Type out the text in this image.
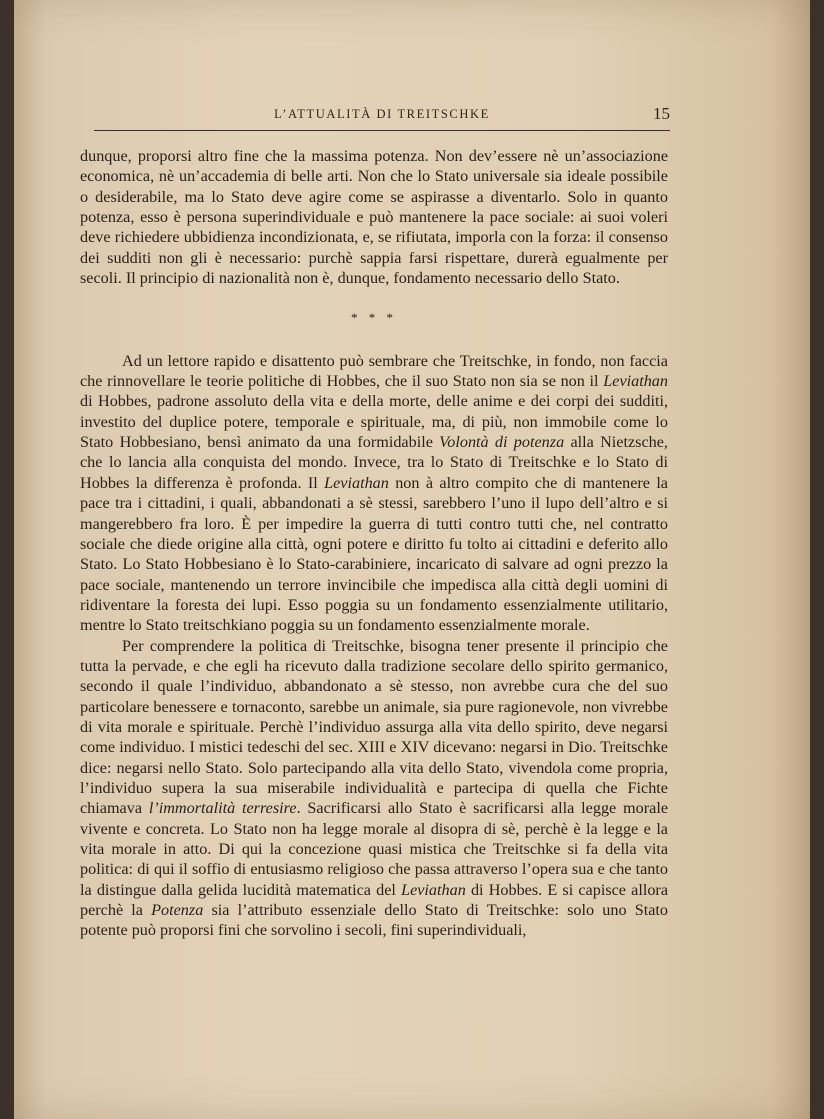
L’ATTUALITÀ DI TREITSCHKE	15

dunque, proporsi altro fine che la massima potenza. Non dev’essere nè un’associazione economica, nè un’accademia di belle arti. Non che lo Stato universale sia ideale possibile o desiderabile, ma lo Stato deve agire come se aspirasse a diventarlo. Solo in quanto potenza, esso è persona superindividuale e può mantenere la pace sociale: ai suoi voleri deve richiedere ubbidienza incondizionata, e, se rifiutata, imporla con la forza: il consenso dei sudditi non gli è necessario: purchè sappia farsi rispettare, durerà egualmente per secoli. Il principio di nazionalità non è, dunque, fondamento necessario dello Stato.

* * *

Ad un lettore rapido e disattento può sembrare che Treitschke, in fondo, non faccia che rinnovellare le teorie politiche di Hobbes, che il suo Stato non sia se non il Leviathan di Hobbes, padrone assoluto della vita e della morte, delle anime e dei corpi dei sudditi, investito del duplice potere, temporale e spirituale, ma, di più, non immobile come lo Stato Hobbesiano, bensì animato da una formidabile Volontà di potenza alla Nietzsche, che lo lancia alla conquista del mondo. Invece, tra lo Stato di Treitschke e lo Stato di Hobbes la differenza è profonda. Il Leviathan non à altro compito che di mantenere la pace tra i cittadini, i quali, abbandonati a sè stessi, sarebbero l’uno il lupo dell’altro e si mangerebbero fra loro. È per impedire la guerra di tutti contro tutti che, nel contratto sociale che diede origine alla città, ogni potere e diritto fu tolto ai cittadini e deferito allo Stato. Lo Stato Hobbesiano è lo Stato-carabiniere, incaricato di salvare ad ogni prezzo la pace sociale, mantenendo un terrore invincibile che impedisca alla città degli uomini di ridiventare la foresta dei lupi. Esso poggia su un fondamento essenzialmente utilitario, mentre lo Stato treitschkiano poggia su un fondamento essenzialmente morale.

Per comprendere la politica di Treitschke, bisogna tener presente il principio che tutta la pervade, e che egli ha ricevuto dalla tradizione secolare dello spirito germanico, secondo il quale l’individuo, abbandonato a sè stesso, non avrebbe cura che del suo particolare benessere e tornaconto, sarebbe un animale, sia pure ragionevole, non vivrebbe di vita morale e spirituale. Perchè l’individuo assurga alla vita dello spirito, deve negarsi come individuo. I mistici tedeschi del sec. XIII e XIV dicevano: negarsi in Dio. Treitschke dice: negarsi nello Stato. Solo partecipando alla vita dello Stato, vivendola come propria, l’individuo supera la sua miserabile individualità e partecipa di quella che Fichte chiamava l’immortalità terresire. Sacrificarsi allo Stato è sacrificarsi alla legge morale vivente e concreta. Lo Stato non ha legge morale al disopra di sè, perchè è la legge e la vita morale in atto. Di qui la concezione quasi mistica che Treitschke si fa della vita politica: di qui il soffio di entusiasmo religioso che passa attraverso l’opera sua e che tanto la distingue dalla gelida lucidità matematica del Leviathan di Hobbes. E si capisce allora perchè la Potenza sia l’attributo essenziale dello Stato di Treitschke: solo uno Stato potente può proporsi fini che sorvolino i secoli, fini superindividuali,
